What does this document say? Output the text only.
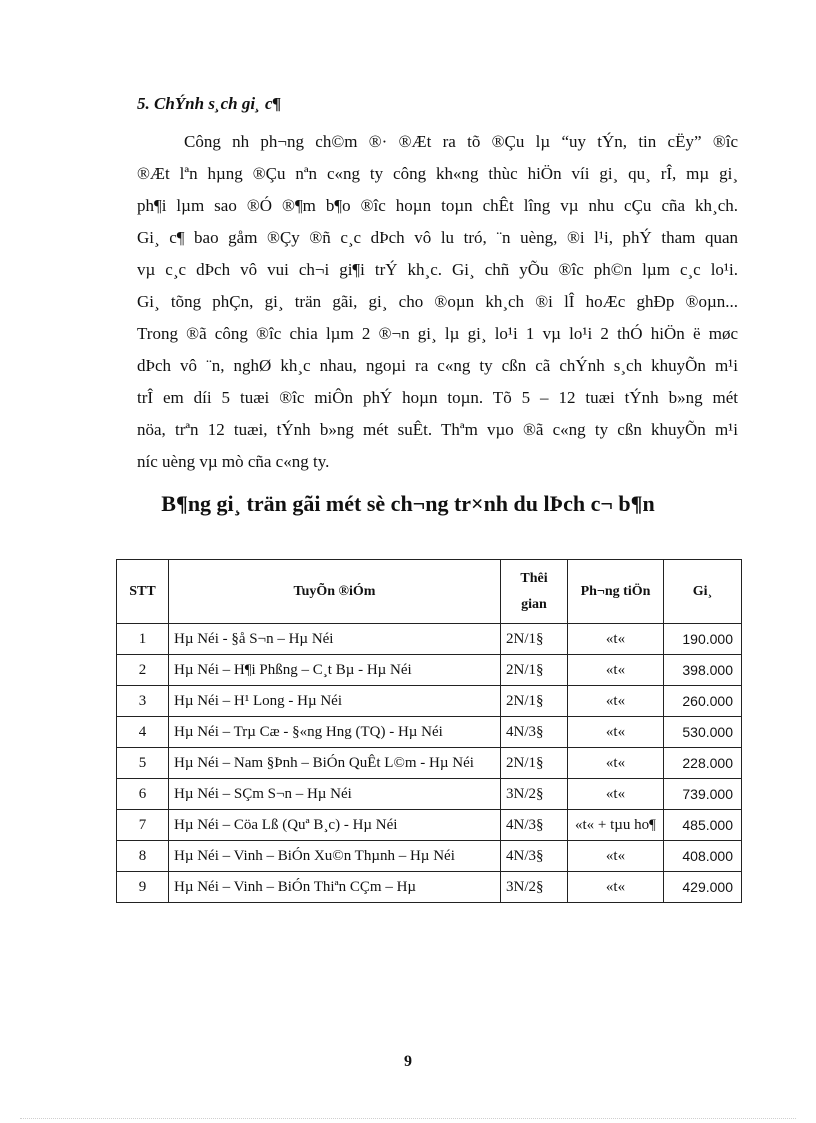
5. ChÝnh s¸ch gi¸ c¶
Công nh ph¬ng ch©m ®· ®Æt ra tõ ®Çu lµ “uy tÝn, tin cËy” ®îc
®Æt lªn hµng ®Çu nªn c«ng ty công kh«ng thùc hiÖn víi gi¸ qu¸ rÎ, mµ gi¸
ph¶i lµm sao ®Ó ®¶m b¶o ®îc hoµn toµn chÊt lîng vµ nhu cÇu cña kh¸ch.
Gi¸ c¶ bao gåm ®Çy ®ñ c¸c dÞch vô lu tró, ¨n uèng, ®i l¹i, phÝ tham quan
vµ c¸c dÞch vô vui ch¬i gi¶i trÝ kh¸c. Gi¸ chñ yÕu ®îc ph©n lµm c¸c lo¹i.
Gi¸ tõng phÇn, gi¸ trän gãi, gi¸ cho ®oµn kh¸ch ®i lÎ hoÆc ghÐp ®oµn...
Trong ®ã công ®îc chia lµm 2 ®¬n gi¸ lµ gi¸ lo¹i 1 vµ lo¹i 2 thÓ hiÖn ë møc
dÞch vô ¨n, nghØ kh¸c nhau, ngoµi ra c«ng ty cßn cã chÝnh s¸ch khuyÕn m¹i
trÎ em díi 5 tuæi ®îc miÔn phÝ hoµn toµn. Tõ 5 – 12 tuæi tÝnh b»ng mét
nöa, trªn 12 tuæi, tÝnh b»ng mét suÊt. Thªm vµo ®ã c«ng ty cßn khuyÕn m¹i
níc uèng vµ mò cña c«ng ty.
B¶ng gi¸ trän gãi mét sè ch¬ng tr×nh du lÞch c¬ b¶n
STT	TuyÕn ®iÓm	Thêi gian	Ph¬ng tiÖn	Gi¸
1	Hµ Néi - §å S¬n – Hµ Néi	2N/1§	«t«	190.000
2	Hµ Néi – H¶i Phßng – C¸t Bµ - Hµ Néi	2N/1§	«t«	398.000
3	Hµ Néi – H¹ Long - Hµ Néi	2N/1§	«t«	260.000
4	Hµ Néi – Trµ Cæ - §«ng Hng (TQ) - Hµ Néi	4N/3§	«t«	530.000
5	Hµ Néi – Nam §Þnh – BiÓn QuÊt L©m - Hµ Néi	2N/1§	«t«	228.000
6	Hµ Néi – SÇm S¬n – Hµ Néi	3N/2§	«t«	739.000
7	Hµ Néi – Cöa Lß (Quª B¸c) - Hµ Néi	4N/3§	«t« + tµu ho¶	485.000
8	Hµ Néi – Vinh – BiÓn Xu©n Thµnh – Hµ Néi	4N/3§	«t«	408.000
9	Hµ Néi – Vinh – BiÓn Thiªn CÇm – Hµ	3N/2§	«t«	429.000
9
